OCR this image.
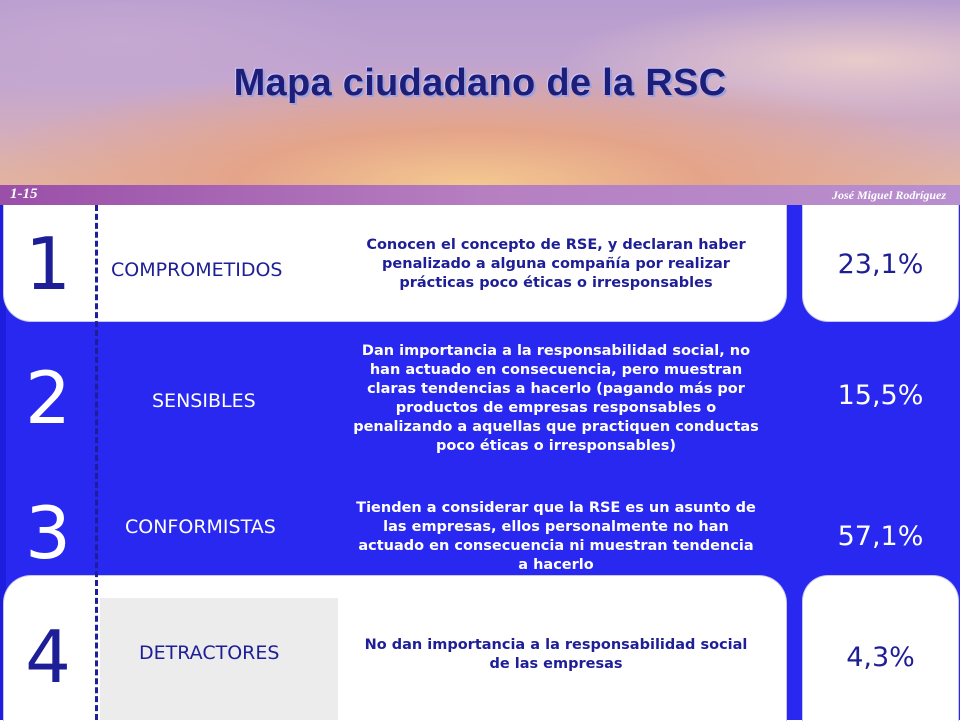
Mapa ciudadano de la RSC
1-15	José Miguel Rodríguez
1	COMPROMETIDOS
Conocen el concepto de RSE, y declaran haber penalizado a alguna compañía por realizar prácticas poco éticas o irresponsables
23,1%
2	SENSIBLES
Dan importancia a la responsabilidad social, no han actuado en consecuencia, pero muestran claras tendencias a hacerlo (pagando más por productos de empresas responsables o penalizando a aquellas que practiquen conductas poco éticas o irresponsables)
15,5%
3	CONFORMISTAS
Tienden a considerar que la RSE es un asunto de las empresas, ellos personalmente no han actuado en consecuencia ni muestran tendencia a hacerlo
57,1%
4	DETRACTORES	No dan importancia a la responsabilidad social de las empresas	4,3%
